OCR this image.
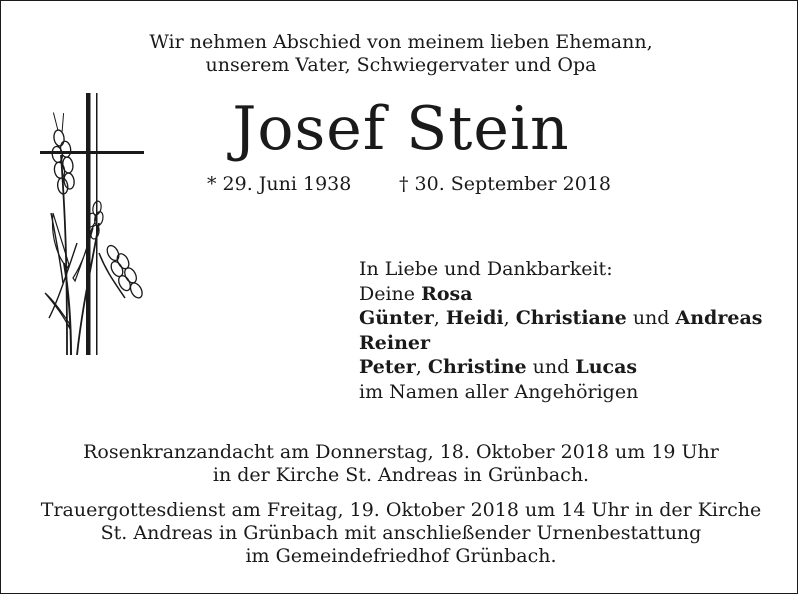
Wir nehmen Abschied von meinem lieben Ehemann,
unserem Vater, Schwiegervater und Opa
Josef Stein
* 29. Juni 1938	† 30. September 2018
In Liebe und Dankbarkeit:
Deine Rosa
Günter, Heidi, Christiane und Andreas
Reiner
Peter, Christine und Lucas
im Namen aller Angehörigen
Rosenkranzandacht am Donnerstag, 18. Oktober 2018 um 19 Uhr
in der Kirche St. Andreas in Grünbach.
Trauergottesdienst am Freitag, 19. Oktober 2018 um 14 Uhr in der Kirche
St. Andreas in Grünbach mit anschließender Urnenbestattung
im Gemeindefriedhof Grünbach.
